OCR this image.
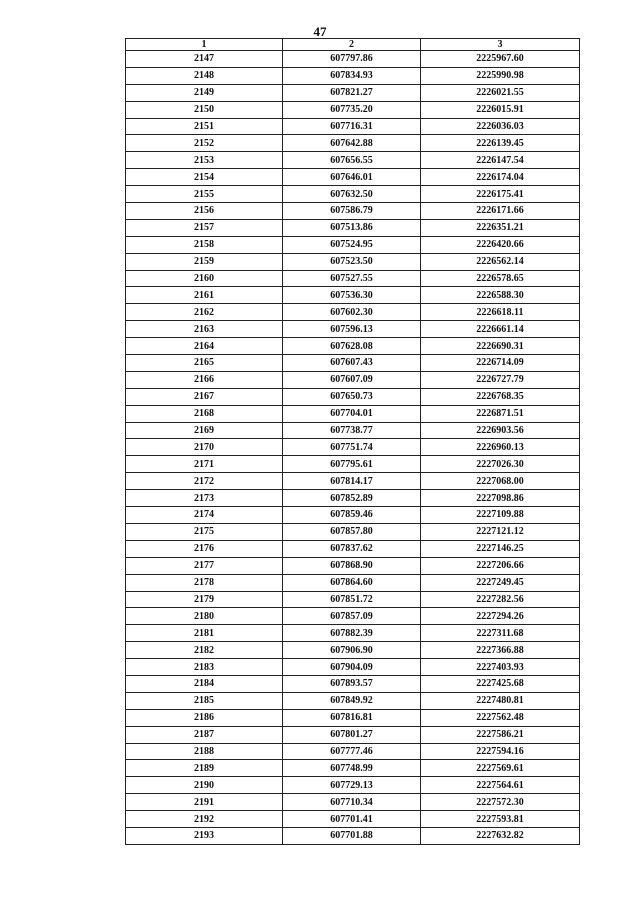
47
1	2	3
2147	607797.86	2225967.60
2148	607834.93	2225990.98
2149	607821.27	2226021.55
2150	607735.20	2226015.91
2151	607716.31	2226036.03
2152	607642.88	2226139.45
2153	607656.55	2226147.54
2154	607646.01	2226174.04
2155	607632.50	2226175.41
2156	607586.79	2226171.66
2157	607513.86	2226351.21
2158	607524.95	2226420.66
2159	607523.50	2226562.14
2160	607527.55	2226578.65
2161	607536.30	2226588.30
2162	607602.30	2226618.11
2163	607596.13	2226661.14
2164	607628.08	2226690.31
2165	607607.43	2226714.09
2166	607607.09	2226727.79
2167	607650.73	2226768.35
2168	607704.01	2226871.51
2169	607738.77	2226903.56
2170	607751.74	2226960.13
2171	607795.61	2227026.30
2172	607814.17	2227068.00
2173	607852.89	2227098.86
2174	607859.46	2227109.88
2175	607857.80	2227121.12
2176	607837.62	2227146.25
2177	607868.90	2227206.66
2178	607864.60	2227249.45
2179	607851.72	2227282.56
2180	607857.09	2227294.26
2181	607882.39	2227311.68
2182	607906.90	2227366.88
2183	607904.09	2227403.93
2184	607893.57	2227425.68
2185	607849.92	2227480.81
2186	607816.81	2227562.48
2187	607801.27	2227586.21
2188	607777.46	2227594.16
2189	607748.99	2227569.61
2190	607729.13	2227564.61
2191	607710.34	2227572.30
2192	607701.41	2227593.81
2193	607701.88	2227632.82
